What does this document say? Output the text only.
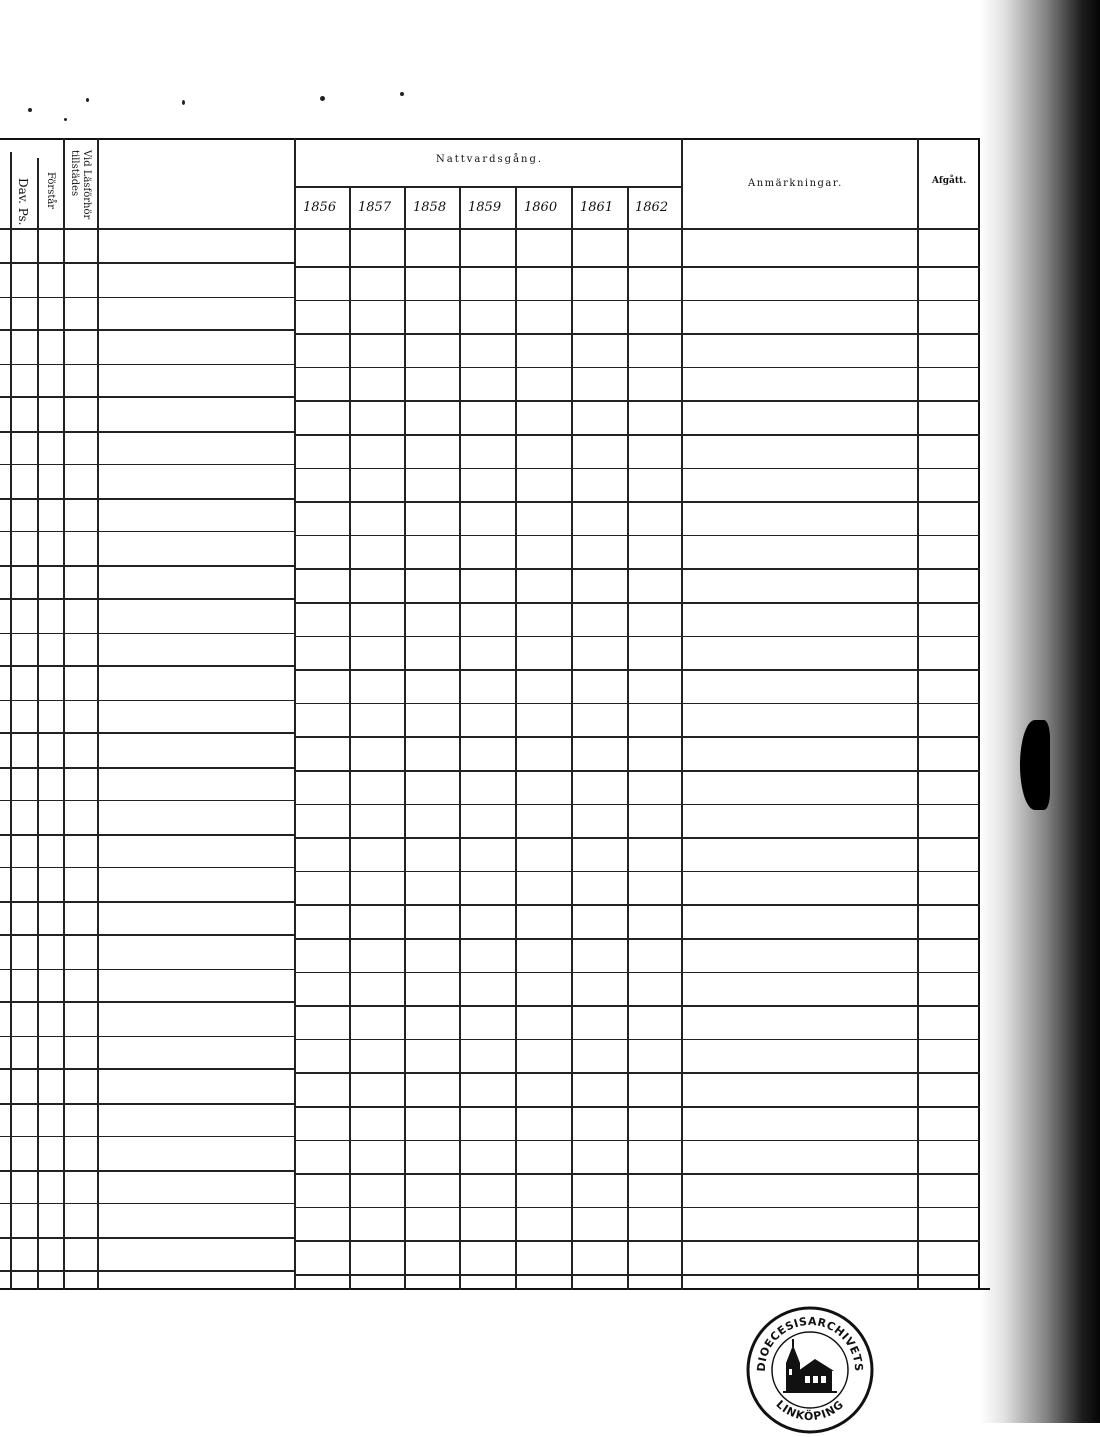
Vid Läsförhör
tillstädes
Förstår
Dav. Ps.
Nattvardsgång.
Anmärkningar.	Afgått.
1856 1857 1858 1859 1860 1861 1862
DIOECESISARCHIVETS
LINKÖPING
